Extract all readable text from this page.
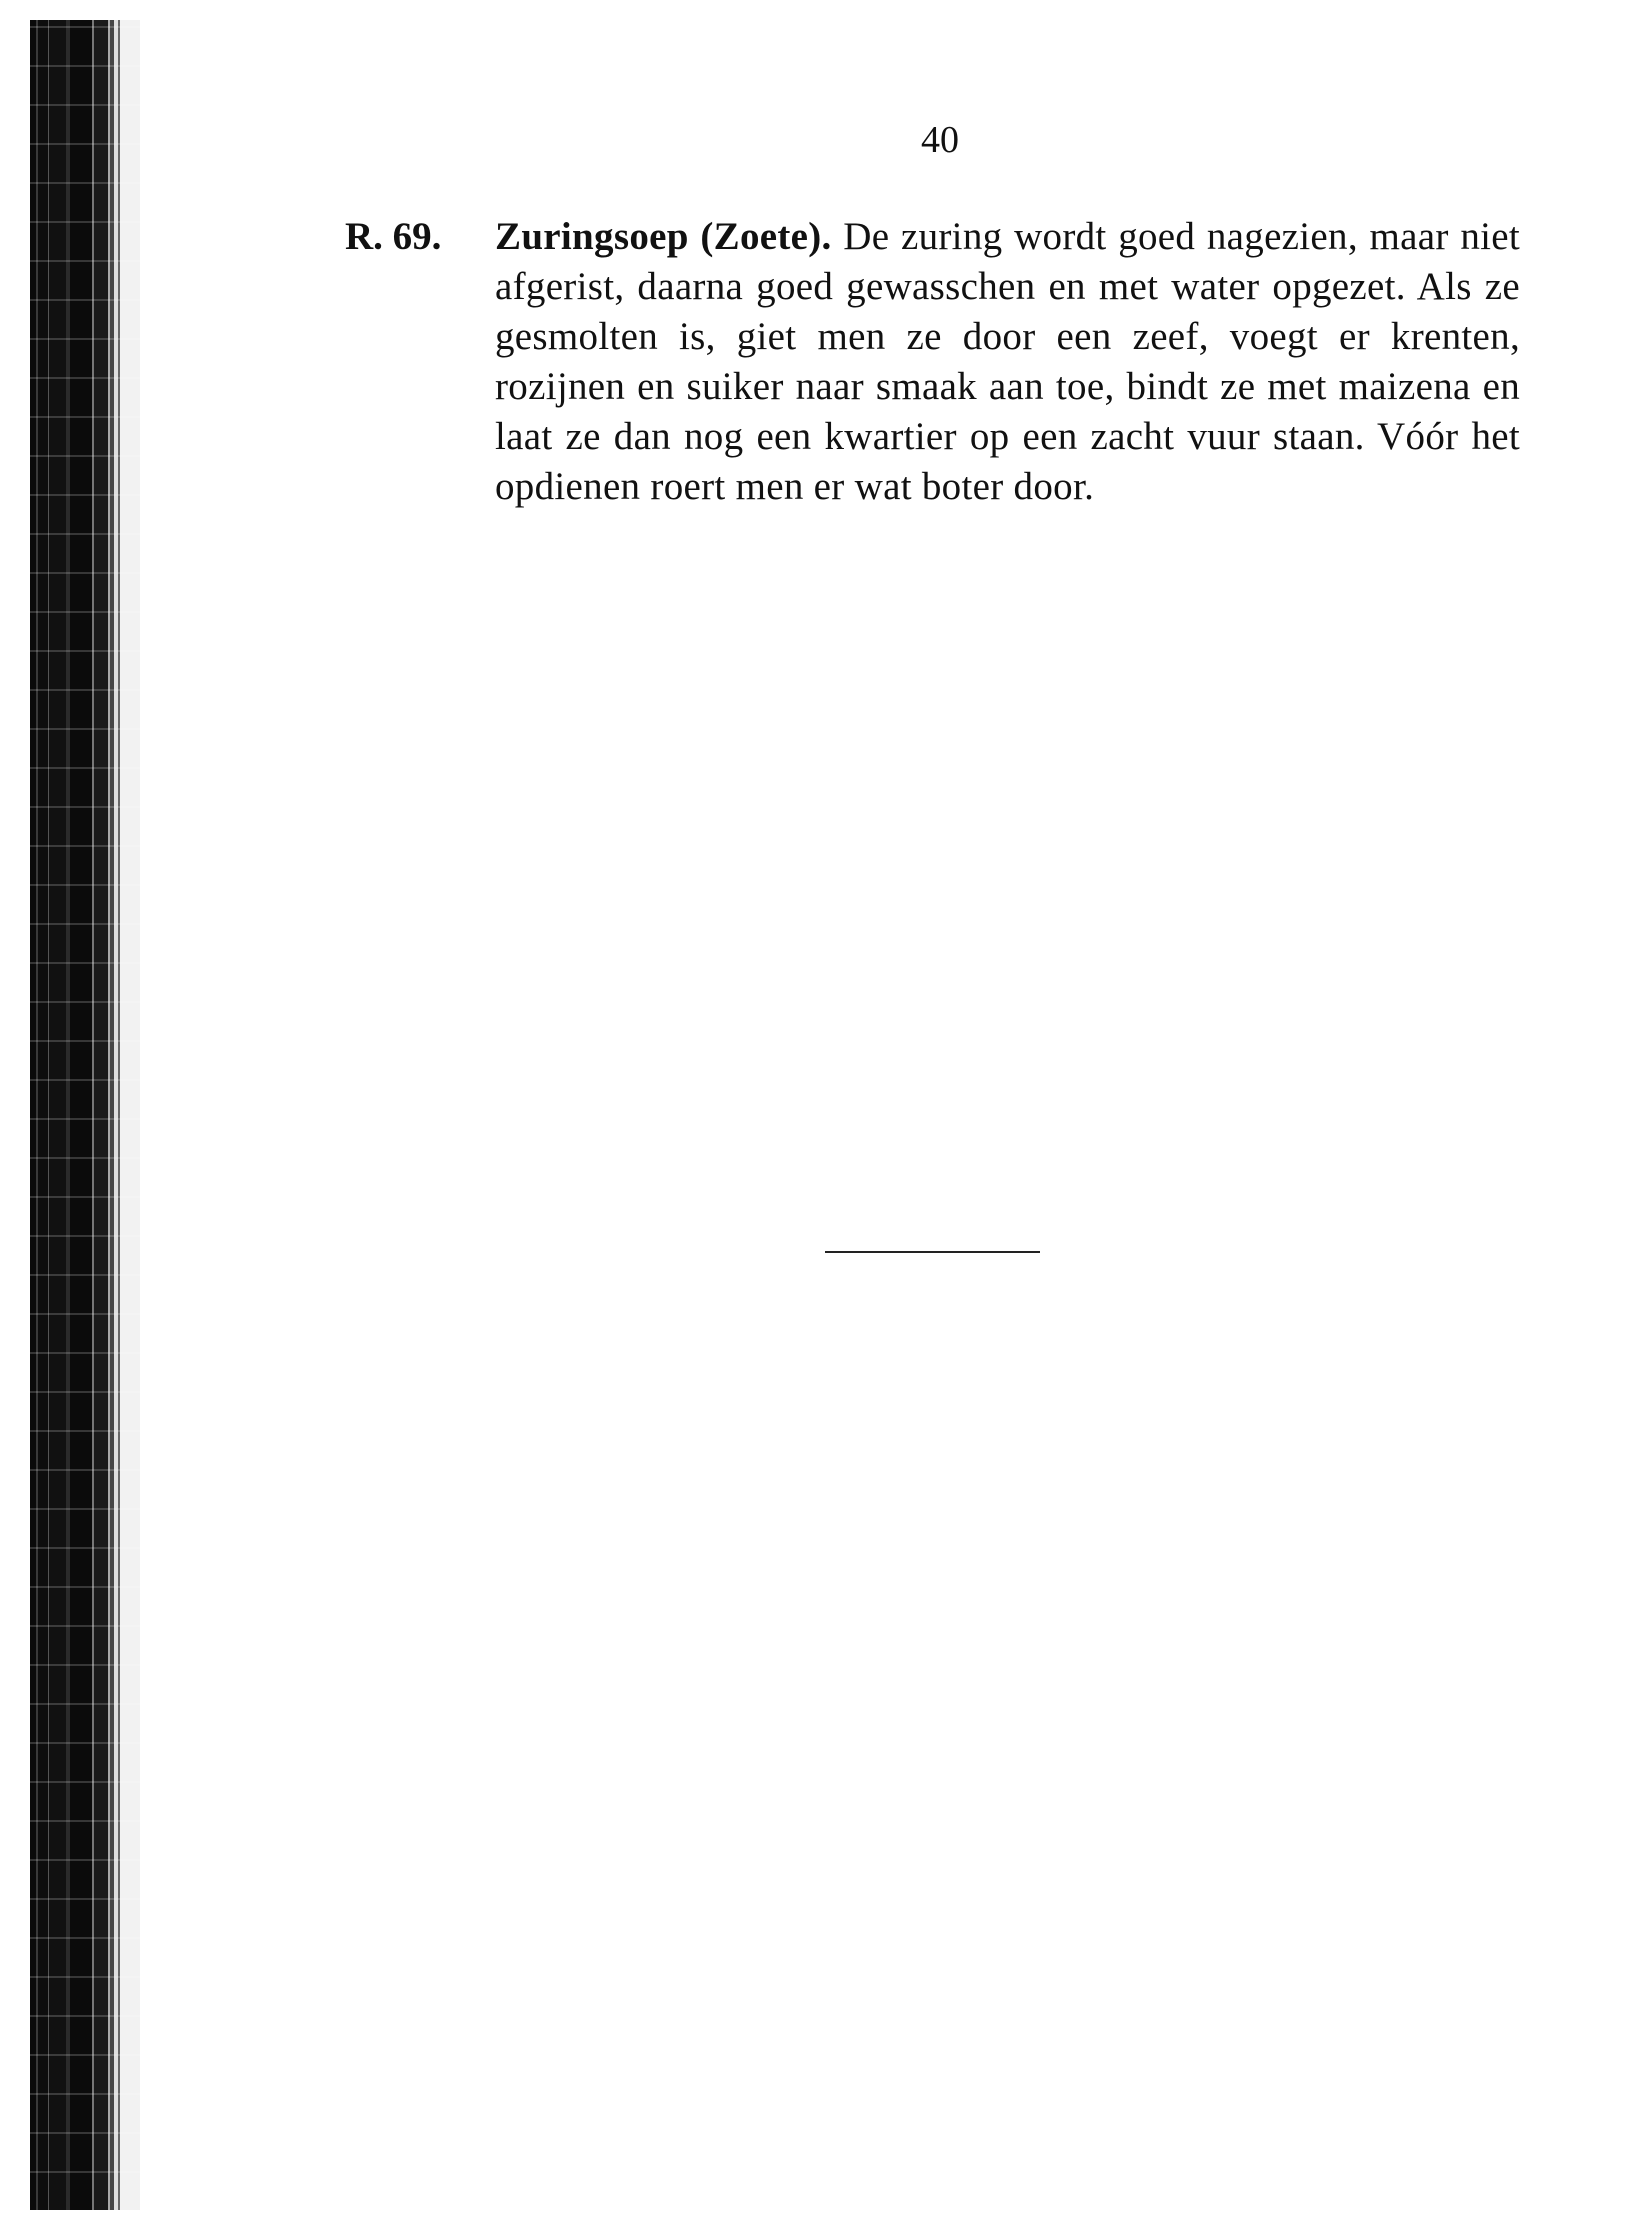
40
R. 69. Zuringsoep (Zoete). De zuring wordt goed nagezien, maar niet afgerist, daarna goed gewasschen en met water opgezet. Als ze gesmolten is, giet men ze door een zeef, voegt er krenten, rozijnen en suiker naar smaak aan toe, bindt ze met maizena en laat ze dan nog een kwartier op een zacht vuur staan. Vóór het opdienen roert men er wat boter door.
